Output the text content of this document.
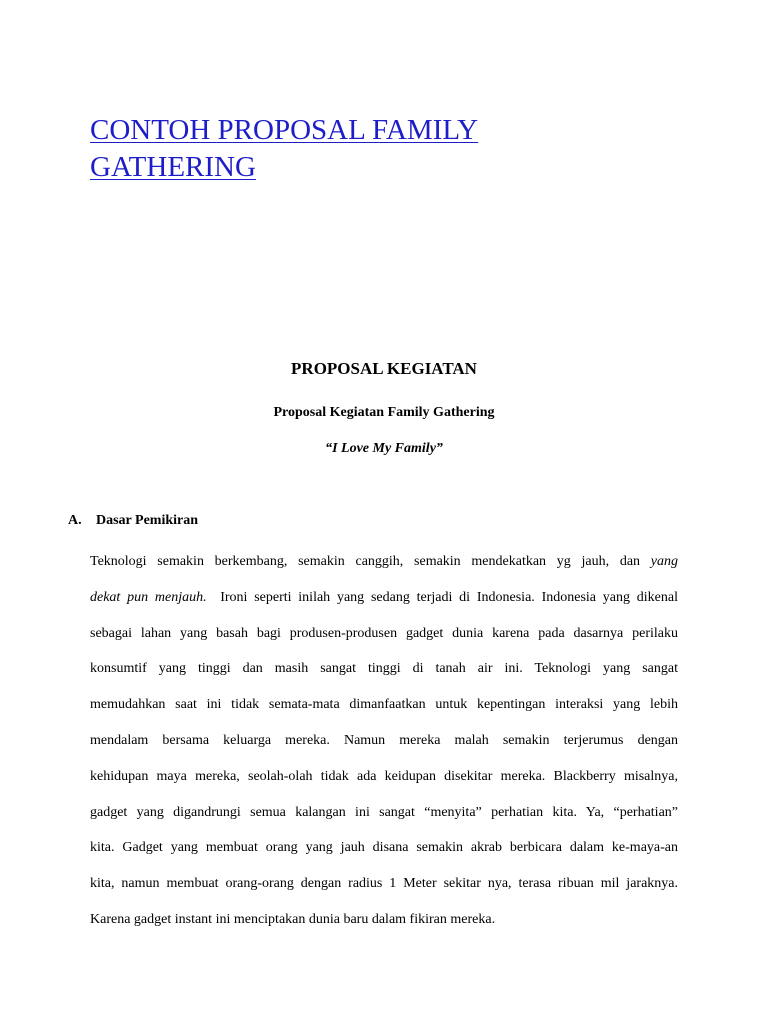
CONTOH PROPOSAL FAMILY
GATHERING
PROPOSAL KEGIATAN
Proposal Kegiatan Family Gathering
“I Love My Family”
A. Dasar Pemikiran
Teknologi semakin berkembang, semakin canggih, semakin mendekatkan yg jauh, dan yang
dekat pun menjauh. Ironi seperti inilah yang sedang terjadi di Indonesia. Indonesia yang dikenal
sebagai lahan yang basah bagi produsen-produsen gadget dunia karena pada dasarnya perilaku
konsumtif yang tinggi dan masih sangat tinggi di tanah air ini. Teknologi yang sangat
memudahkan saat ini tidak semata-mata dimanfaatkan untuk kepentingan interaksi yang lebih
mendalam bersama keluarga mereka. Namun mereka malah semakin terjerumus dengan
kehidupan maya mereka, seolah-olah tidak ada keidupan disekitar mereka. Blackberry misalnya,
gadget yang digandrungi semua kalangan ini sangat “menyita” perhatian kita. Ya, “perhatian”
kita. Gadget yang membuat orang yang jauh disana semakin akrab berbicara dalam ke-maya-an
kita, namun membuat orang-orang dengan radius 1 Meter sekitar nya, terasa ribuan mil jaraknya.
Karena gadget instant ini menciptakan dunia baru dalam fikiran mereka.
